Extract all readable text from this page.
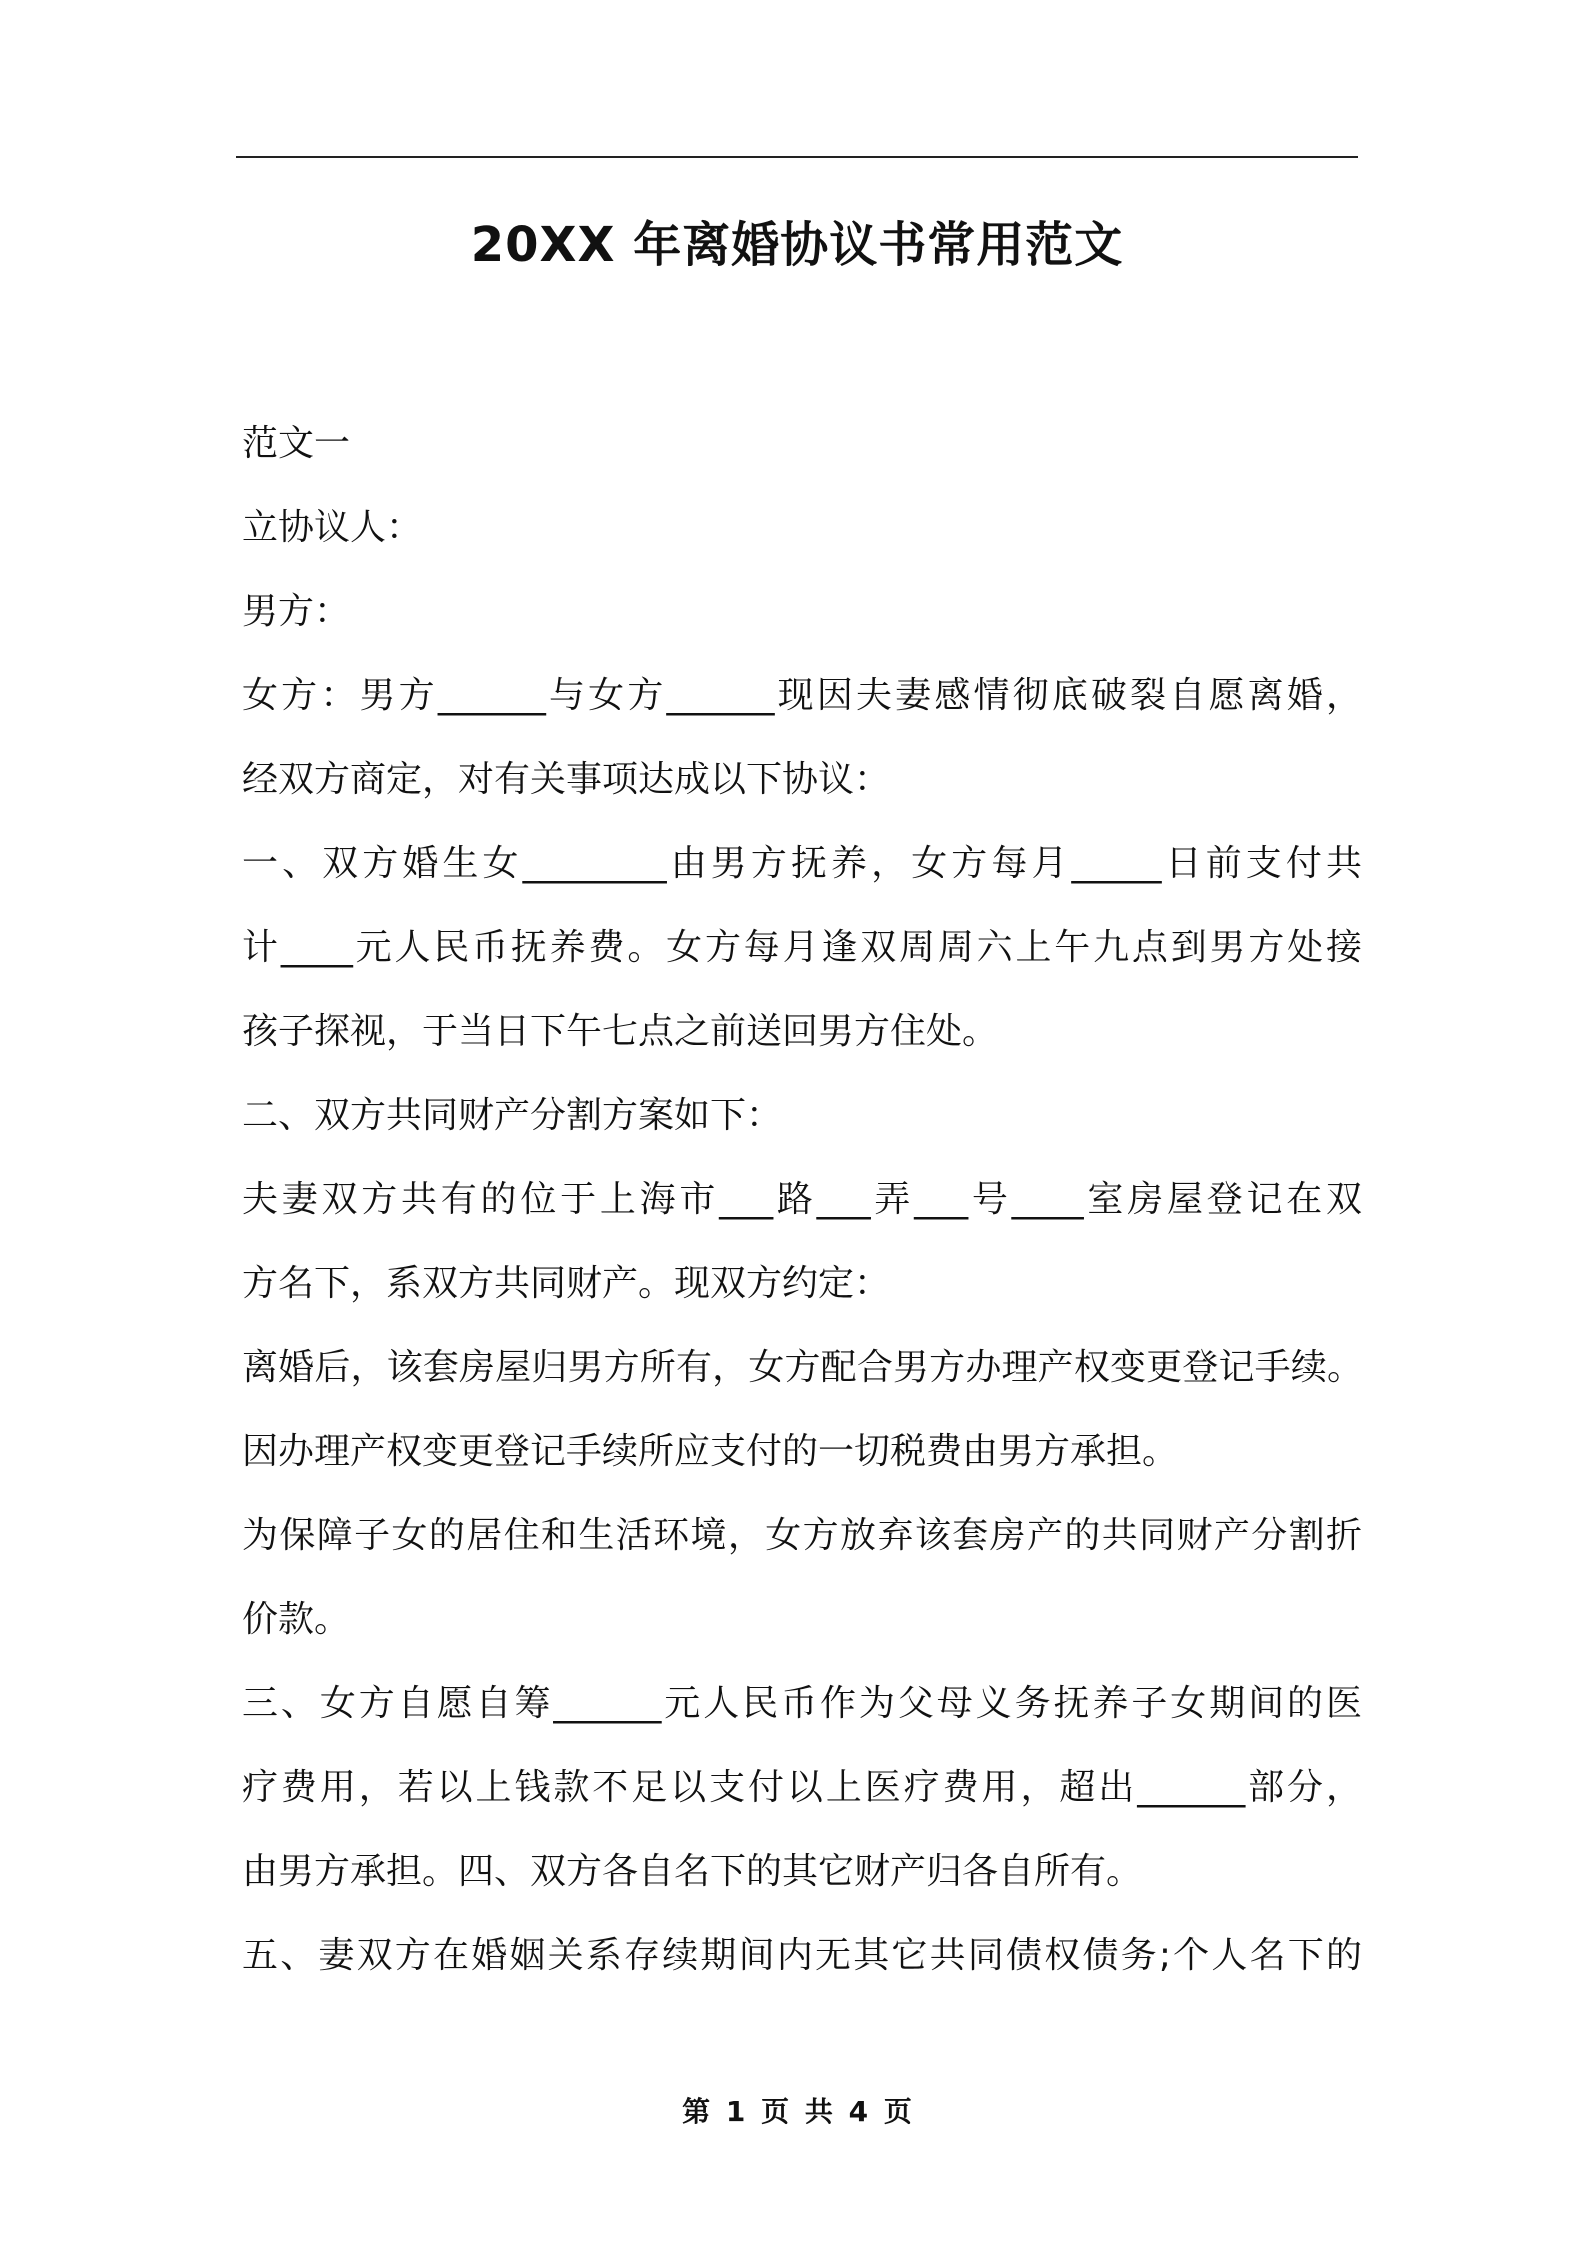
20XX 年离婚协议书常用范文
范文一
立协议人：
男方：
女方：男方______与女方______现因夫妻感情彻底破裂自愿离婚，
经双方商定，对有关事项达成以下协议：
一、双方婚生女________由男方抚养，女方每月_____日前支付共
计____元人民币抚养费。女方每月逢双周周六上午九点到男方处接
孩子探视，于当日下午七点之前送回男方住处。
二、双方共同财产分割方案如下：
夫妻双方共有的位于上海市___路___弄___号____室房屋登记在双
方名下，系双方共同财产。现双方约定：
离婚后，该套房屋归男方所有，女方配合男方办理产权变更登记手续。
因办理产权变更登记手续所应支付的一切税费由男方承担。
为保障子女的居住和生活环境，女方放弃该套房产的共同财产分割折
价款。
三、女方自愿自筹______元人民币作为父母义务抚养子女期间的医
疗费用，若以上钱款不足以支付以上医疗费用，超出______部分，
由男方承担。四、双方各自名下的其它财产归各自所有。
五、妻双方在婚姻关系存续期间内无其它共同债权债务;个人名下的
第 1 页 共 4 页
